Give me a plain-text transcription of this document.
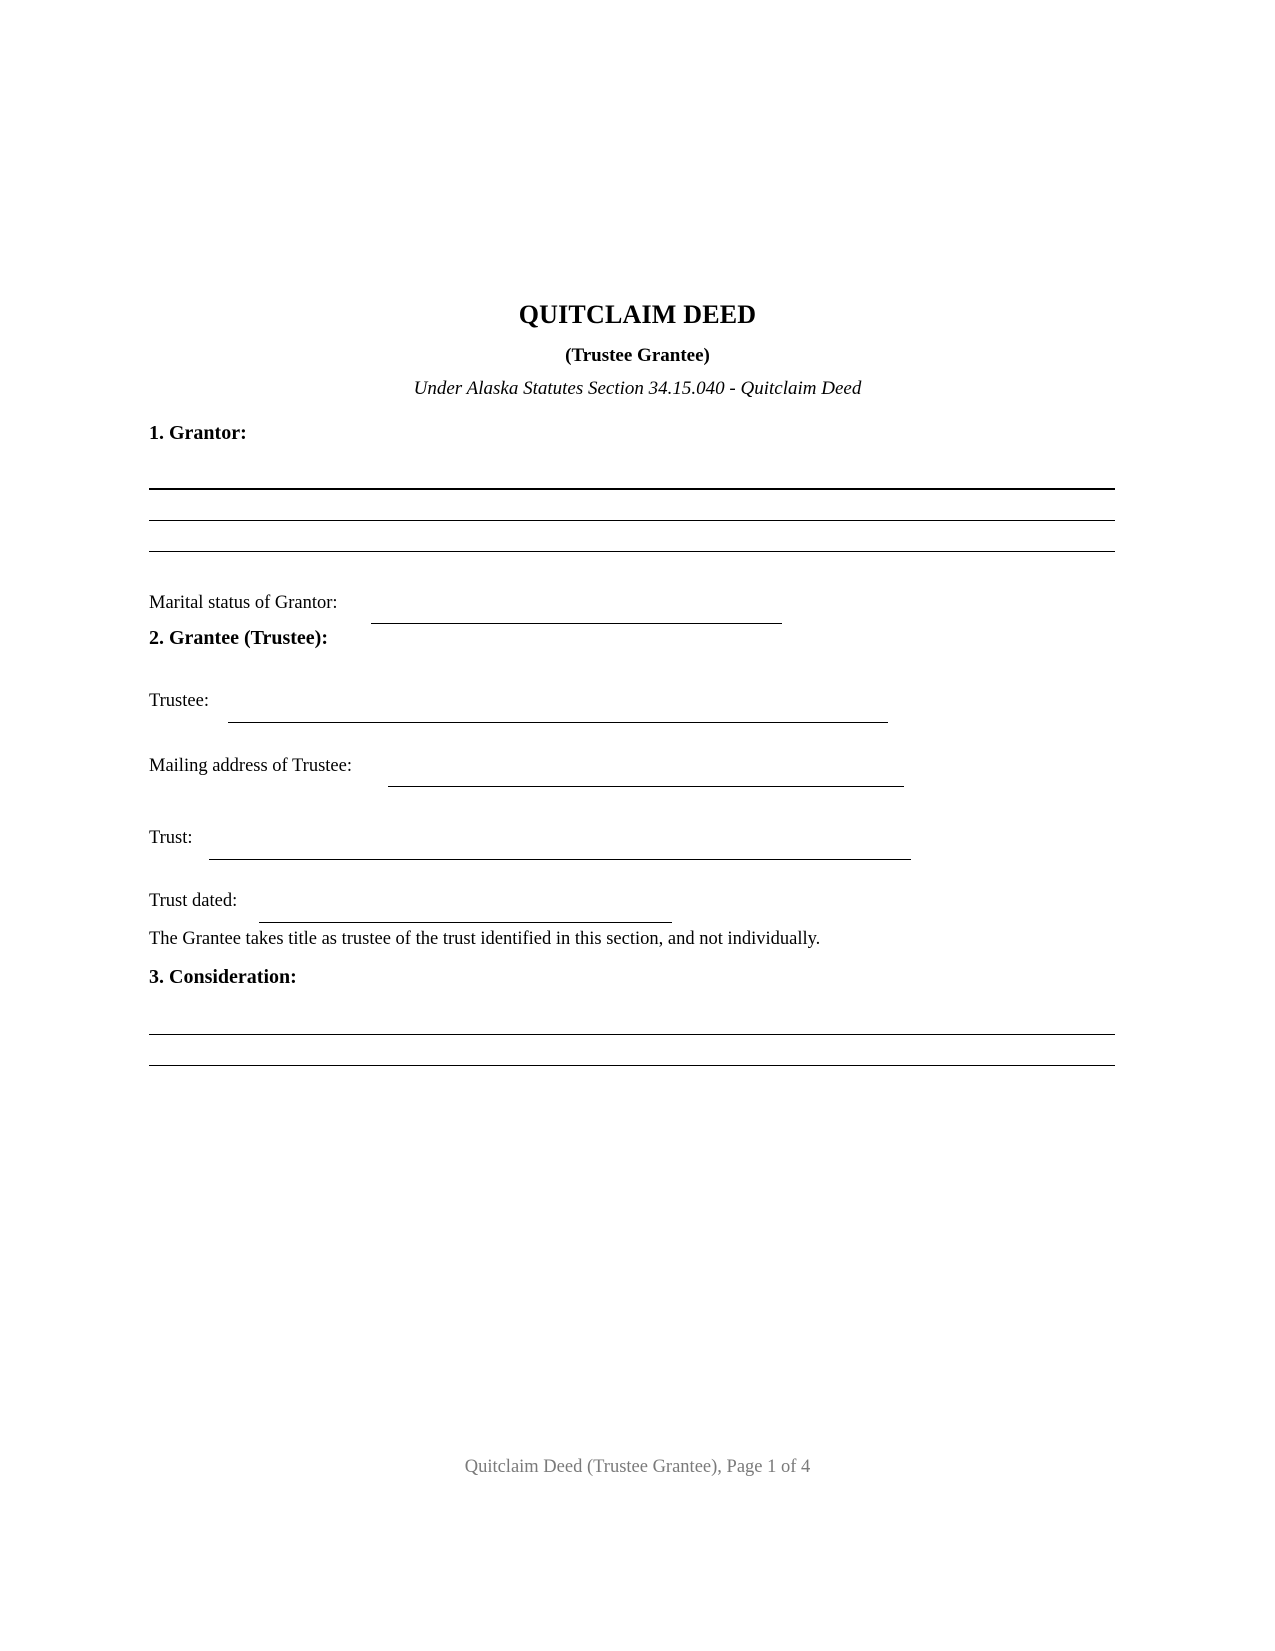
QUITCLAIM DEED
(Trustee Grantee)
Under Alaska Statutes Section 34.15.040 - Quitclaim Deed
1. Grantor:
Marital status of Grantor:
2. Grantee (Trustee):
Trustee:
Mailing address of Trustee:
Trust:
Trust dated:
The Grantee takes title as trustee of the trust identified in this section, and not individually.
3. Consideration:
Quitclaim Deed (Trustee Grantee), Page 1 of 4
